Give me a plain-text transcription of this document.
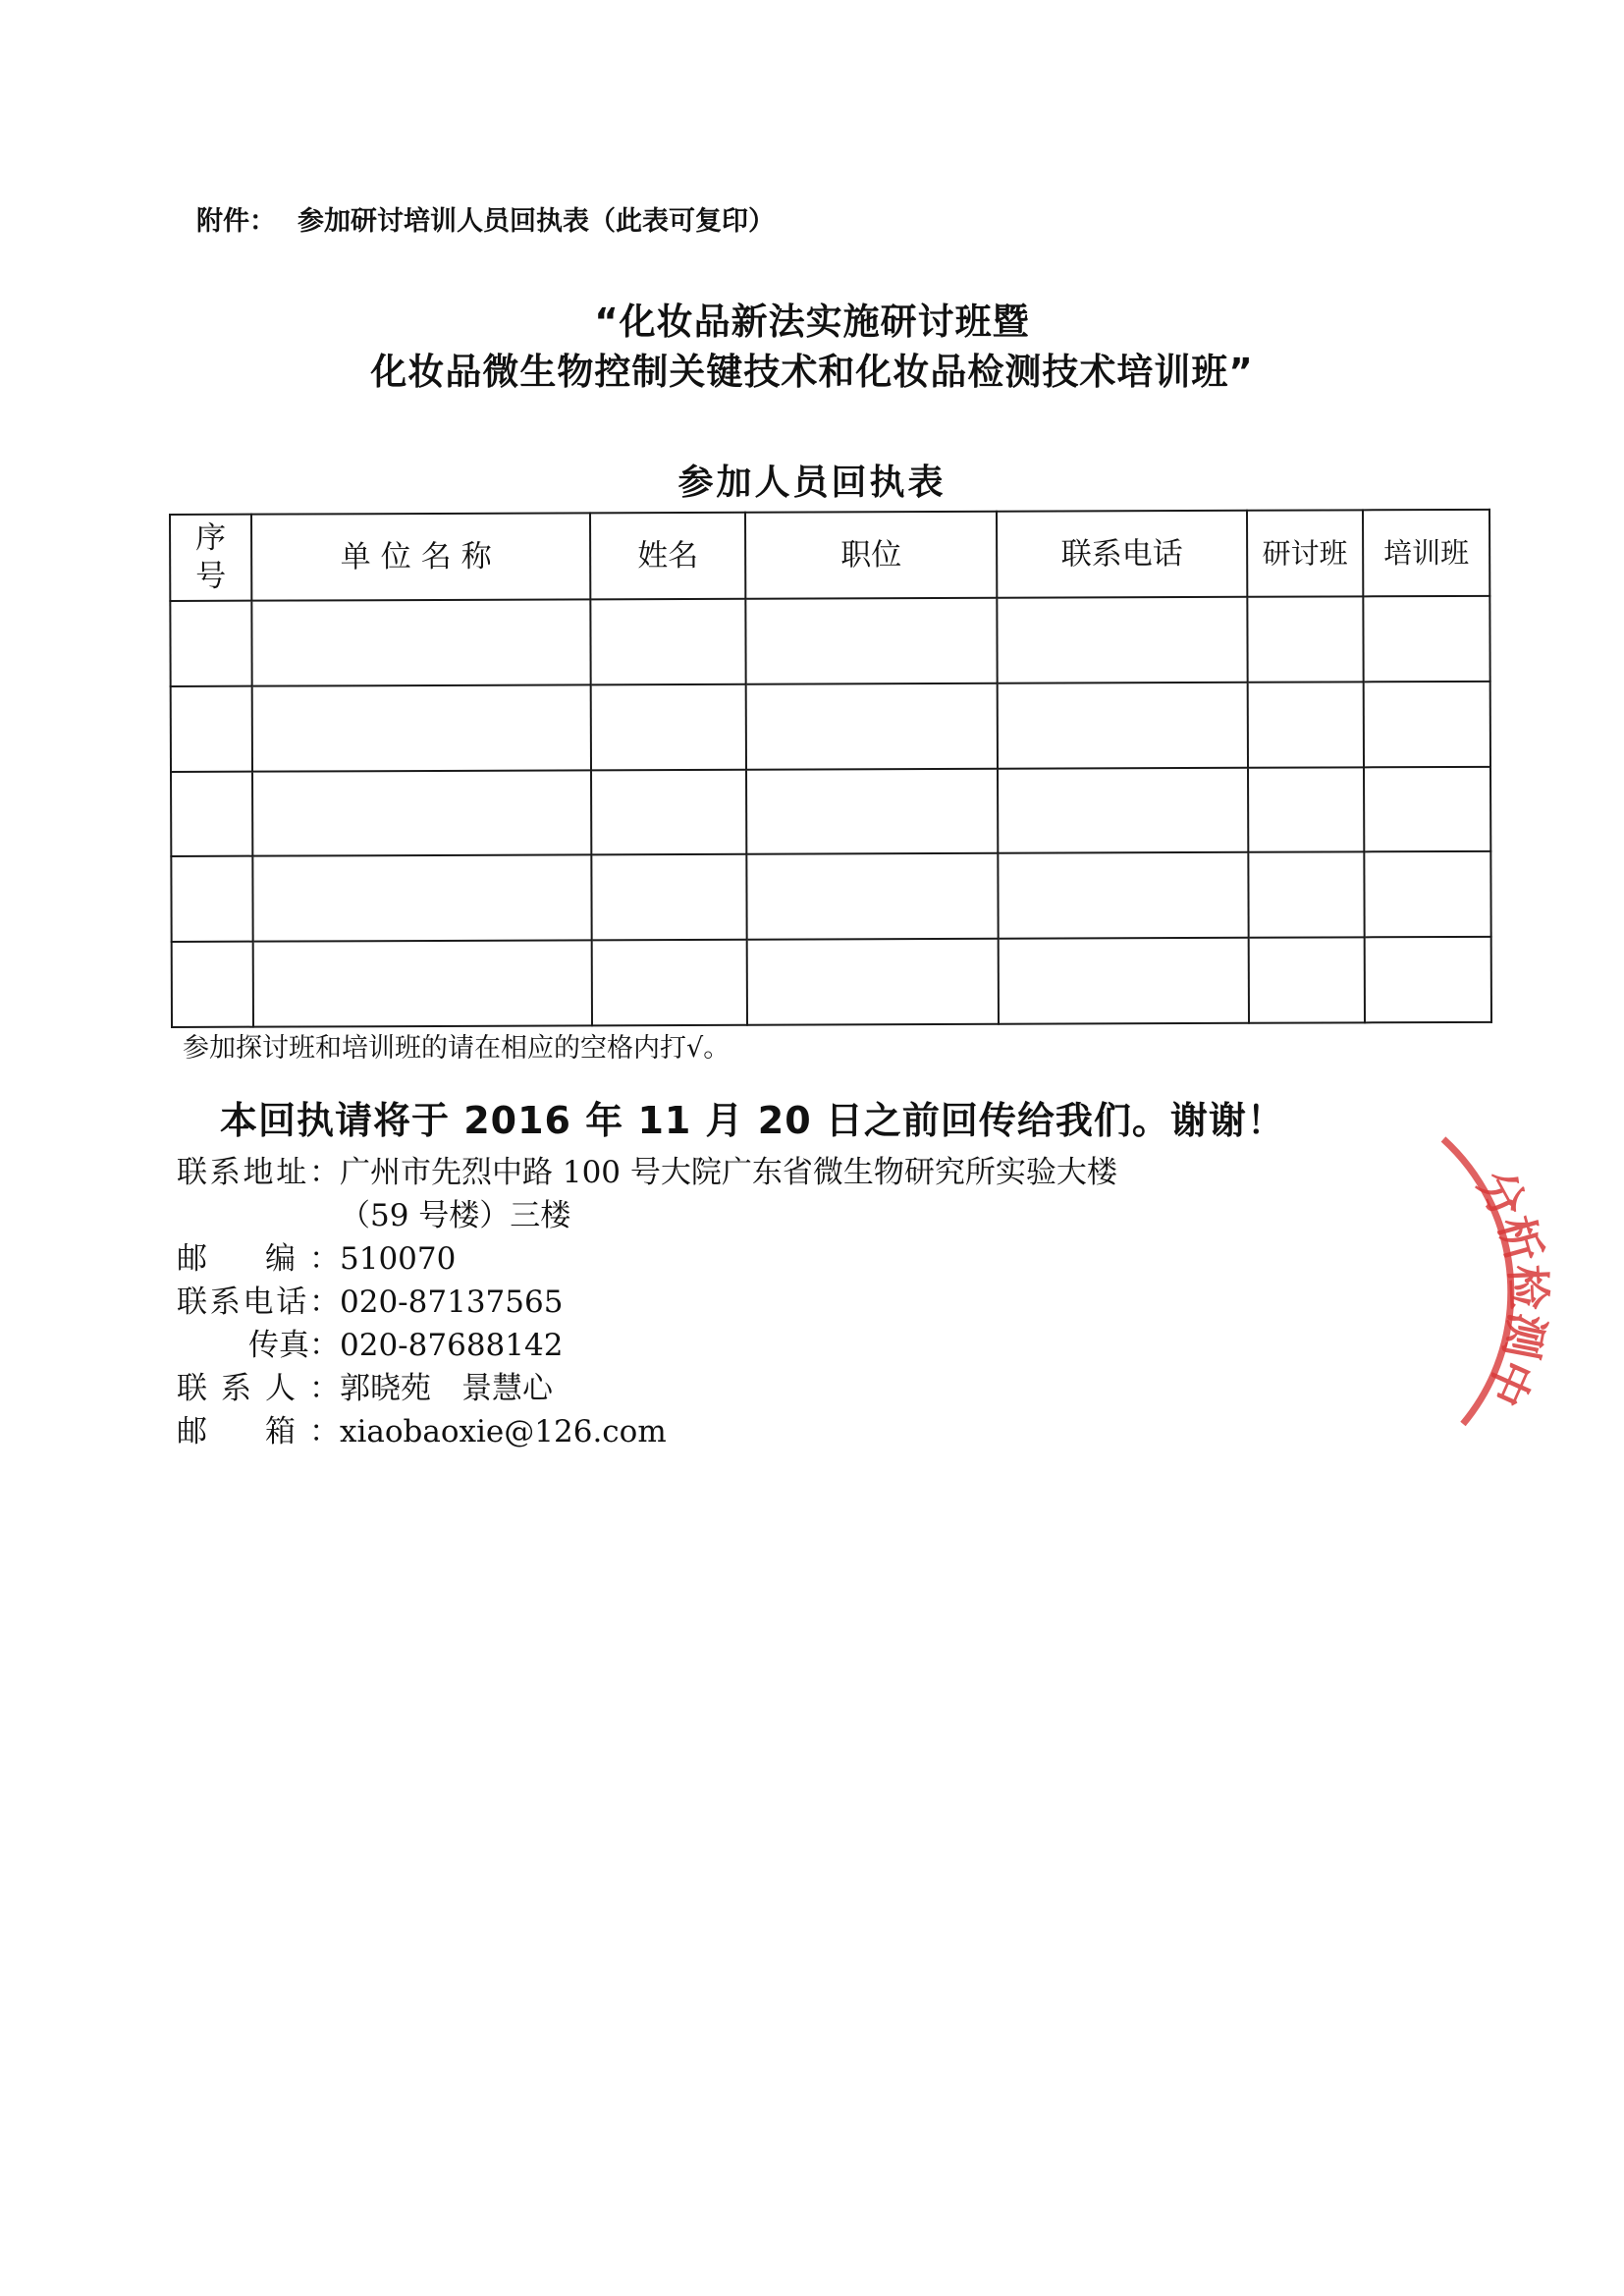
附件： 参加研讨培训人员回执表（此表可复印）
“化妆品新法实施研讨班暨
化妆品微生物控制关键技术和化妆品检测技术培训班”
参加人员回执表
序
号	单位名称	姓名	职位	联系电话	研讨班	培训班

参加探讨班和培训班的请在相应的空格内打√。
本回执请将于 2016 年 11 月 20 日之前回传给我们。谢谢！
联系地址：广州市先烈中路 100 号大院广东省微生物研究所实验大楼
（59 号楼）三楼
邮　编：510070
联系电话：020-87137565
传真：020-87688142
联系人：郭晓苑　景慧心
邮　箱：xiaobaoxie@126.com
分析检测中心
